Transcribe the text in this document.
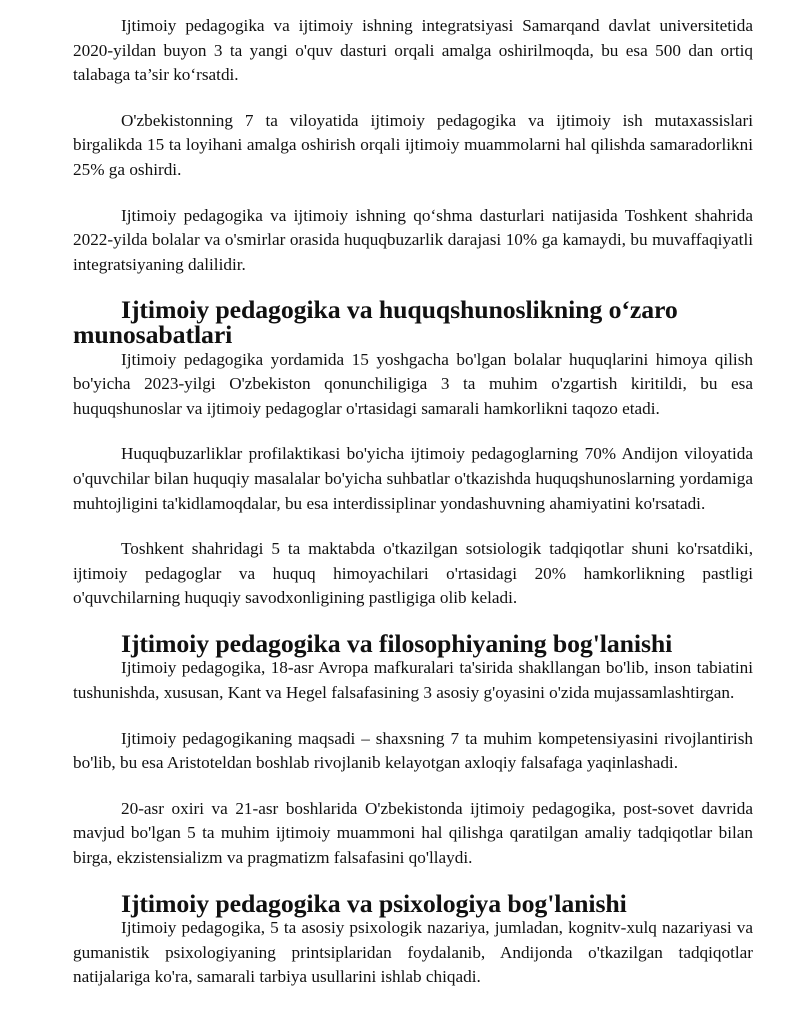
Ijtimoiy pedagogika va ijtimoiy ishning integratsiyasi Samarqand davlat universitetida 2020-yildan buyon 3 ta yangi o'quv dasturi orqali amalga oshirilmoqda, bu esa 500 dan ortiq talabaga ta’sir ko‘rsatdi.

O'zbekistonning 7 ta viloyatida ijtimoiy pedagogika va ijtimoiy ish mutaxassislari birgalikda 15 ta loyihani amalga oshirish orqali ijtimoiy muammolarni hal qilishda samaradorlikni 25% ga oshirdi.

Ijtimoiy pedagogika va ijtimoiy ishning qo‘shma dasturlari natijasida Toshkent shahrida 2022-yilda bolalar va o'smirlar orasida huquqbuzarlik darajasi 10% ga kamaydi, bu muvaffaqiyatli integratsiyaning dalilidir.

Ijtimoiy pedagogika va huquqshunoslikning oʻzaro munosabatlari

Ijtimoiy pedagogika yordamida 15 yoshgacha bo'lgan bolalar huquqlarini himoya qilish bo'yicha 2023-yilgi O'zbekiston qonunchiligiga 3 ta muhim o'zgartish kiritildi, bu esa huquqshunoslar va ijtimoiy pedagoglar o'rtasidagi samarali hamkorlikni taqozo etadi.

Huquqbuzarliklar profilaktikasi bo'yicha ijtimoiy pedagoglarning 70% Andijon viloyatida o'quvchilar bilan huquqiy masalalar bo'yicha suhbatlar o'tkazishda huquqshunoslarning yordamiga muhtojligini ta'kidlamoqdalar, bu esa interdissiplinar yondashuvning ahamiyatini ko'rsatadi.

Toshkent shahridagi 5 ta maktabda o'tkazilgan sotsiologik tadqiqotlar shuni ko'rsatdiki, ijtimoiy pedagoglar va huquq himoyachilari o'rtasidagi 20% hamkorlikning pastligi o'quvchilarning huquqiy savodxonligining pastligiga olib keladi.

Ijtimoiy pedagogika va filosophiyaning bog'lanishi

Ijtimoiy pedagogika, 18-asr Avropa mafkuralari ta'sirida shakllangan bo'lib, inson tabiatini tushunishda, xususan, Kant va Hegel falsafasining 3 asosiy g'oyasini o'zida mujassamlashtirgan.

Ijtimoiy pedagogikaning maqsadi – shaxsning 7 ta muhim kompetensiyasini rivojlantirish bo'lib, bu esa Aristoteldan boshlab rivojlanib kelayotgan axloqiy falsafaga yaqinlashadi.

20-asr oxiri va 21-asr boshlarida O'zbekistonda ijtimoiy pedagogika, post-sovet davrida mavjud bo'lgan 5 ta muhim ijtimoiy muammoni hal qilishga qaratilgan amaliy tadqiqotlar bilan birga, ekzistensializm va pragmatizm falsafasini qo'llaydi.

Ijtimoiy pedagogika va psixologiya bog'lanishi

Ijtimoiy pedagogika, 5 ta asosiy psixologik nazariya, jumladan, kognitv-xulq nazariyasi va gumanistik psixologiyaning printsiplaridan foydalanib, Andijonda o'tkazilgan tadqiqotlar natijalariga ko'ra, samarali tarbiya usullarini ishlab chiqadi.
